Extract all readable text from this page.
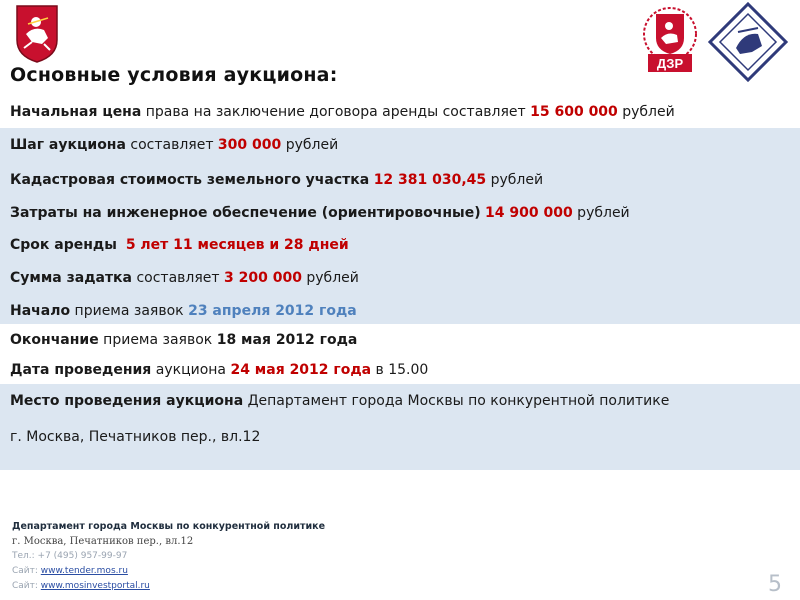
ДЗР
Основные условия аукциона:
Начальная цена права на заключение договора аренды составляет 15 600 000 рублей
Шаг аукциона составляет 300 000 рублей
Кадастровая стоимость земельного участка 12 381 030,45 рублей
Затраты на инженерное обеспечение (ориентировочные) 14 900 000 рублей
Срок аренды 5 лет 11 месяцев и 28 дней
Сумма задатка составляет 3 200 000 рублей
Начало приема заявок 23 апреля 2012 года
Окончание приема заявок 18 мая 2012 года
Дата проведения аукциона 24 мая 2012 года в 15.00
Место проведения аукциона Департамент города Москвы по конкурентной политике
г. Москва, Печатников пер., вл.12
Департамент города Москвы по конкурентной политике
г. Москва, Печатников пер., вл.12
Тел.: +7 (495) 957-99-97
Сайт: www.tender.mos.ru
Сайт: www.mosinvestportal.ru	5
